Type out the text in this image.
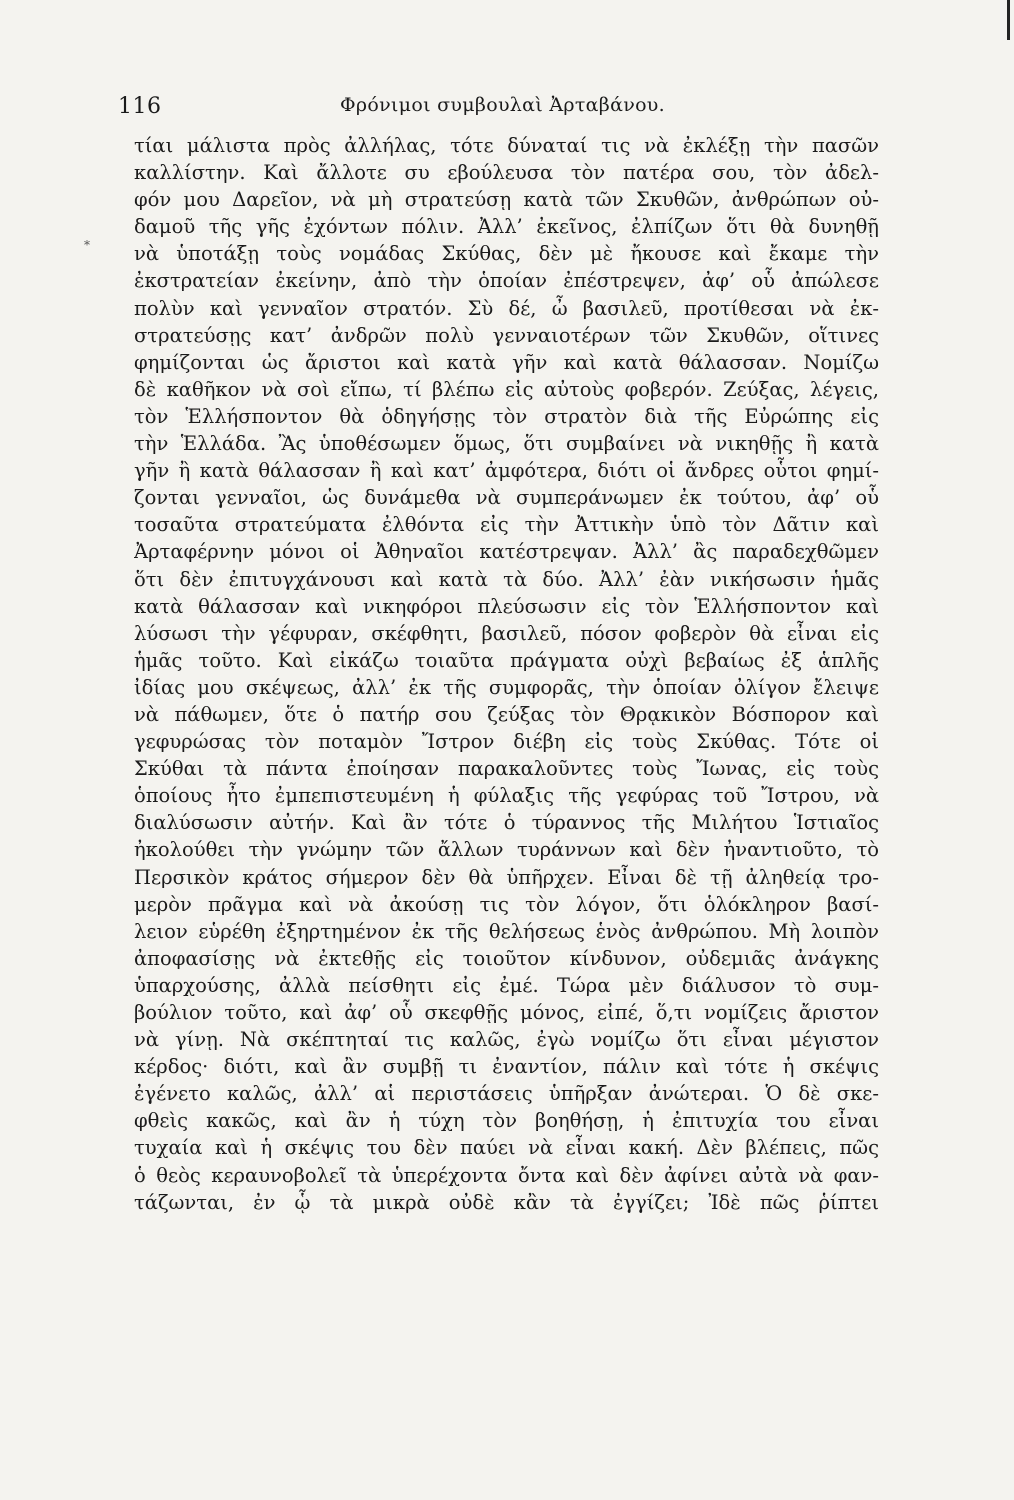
116	Φρόνιμοι συμβουλαὶ Ἀρταβάνου.
*
τίαι μάλιστα πρὸς ἀλλήλας, τότε δύναταί τις νὰ ἐκλέξῃ τὴν πασῶν
καλλίστην. Καὶ ἄλλοτε συ εβούλευσα τὸν πατέρα σου, τὸν ἀδελ-
φόν μου Δαρεῖον, νὰ μὴ στρατεύσῃ κατὰ τῶν Σκυθῶν, ἀνθρώπων οὐ-
δαμοῦ τῆς γῆς ἐχόντων πόλιν. Ἀλλ’ ἐκεῖνος, ἐλπίζων ὅτι θὰ δυνηθῇ
νὰ ὑποτάξῃ τοὺς νομάδας Σκύθας, δὲν μὲ ἤκουσε καὶ ἔκαμε τὴν
ἐκστρατείαν ἐκείνην, ἀπὸ τὴν ὁποίαν ἐπέστρεψεν, ἀφ’ οὗ ἀπώλεσε
πολὺν καὶ γενναῖον στρατόν. Σὺ δέ, ὦ βασιλεῦ, προτίθεσαι νὰ ἐκ-
στρατεύσῃς κατ’ ἀνδρῶν πολὺ γενναιοτέρων τῶν Σκυθῶν, οἵτινες
φημίζονται ὡς ἄριστοι καὶ κατὰ γῆν καὶ κατὰ θάλασσαν. Νομίζω
δὲ καθῆκον νὰ σοὶ εἴπω, τί βλέπω εἰς αὐτοὺς φοβερόν. Ζεύξας, λέγεις,
τὸν Ἑλλήσποντον θὰ ὁδηγήσῃς τὸν στρατὸν διὰ τῆς Εὐρώπης εἰς
τὴν Ἑλλάδα. Ἂς ὑποθέσωμεν ὅμως, ὅτι συμβαίνει νὰ νικηθῇς ἢ κατὰ
γῆν ἢ κατὰ θάλασσαν ἢ καὶ κατ’ ἀμφότερα, διότι οἱ ἄνδρες οὗτοι φημί-
ζονται γενναῖοι, ὡς δυνάμεθα νὰ συμπεράνωμεν ἐκ τούτου, ἀφ’ οὗ
τοσαῦτα στρατεύματα ἐλθόντα εἰς τὴν Ἀττικὴν ὑπὸ τὸν Δᾶτιν καὶ
Ἀρταφέρνην μόνοι οἱ Ἀθηναῖοι κατέστρεψαν. Ἀλλ’ ἂς παραδεχθῶμεν
ὅτι δὲν ἐπιτυγχάνουσι καὶ κατὰ τὰ δύο. Ἀλλ’ ἐὰν νικήσωσιν ἡμᾶς
κατὰ θάλασσαν καὶ νικηφόροι πλεύσωσιν εἰς τὸν Ἑλλήσποντον καὶ
λύσωσι τὴν γέφυραν, σκέφθητι, βασιλεῦ, πόσον φοβερὸν θὰ εἶναι εἰς
ἡμᾶς τοῦτο. Καὶ εἰκάζω τοιαῦτα πράγματα οὐχὶ βεβαίως ἐξ ἁπλῆς
ἰδίας μου σκέψεως, ἀλλ’ ἐκ τῆς συμφορᾶς, τὴν ὁποίαν ὀλίγον ἔλειψε
νὰ πάθωμεν, ὅτε ὁ πατήρ σου ζεύξας τὸν Θρᾳκικὸν Βόσπορον καὶ
γεφυρώσας τὸν ποταμὸν Ἴστρον διέβη εἰς τοὺς Σκύθας. Τότε οἱ
Σκύθαι τὰ πάντα ἐποίησαν παρακαλοῦντες τοὺς Ἴωνας, εἰς τοὺς
ὁποίους ἦτο ἐμπεπιστευμένη ἡ φύλαξις τῆς γεφύρας τοῦ Ἴστρου, νὰ
διαλύσωσιν αὐτήν. Καὶ ἂν τότε ὁ τύραννος τῆς Μιλήτου Ἱστιαῖος
ἠκολούθει τὴν γνώμην τῶν ἄλλων τυράννων καὶ δὲν ἠναντιοῦτο, τὸ
Περσικὸν κράτος σήμερον δὲν θὰ ὑπῆρχεν. Εἶναι δὲ τῇ ἀληθείᾳ τρο-
μερὸν πρᾶγμα καὶ νὰ ἀκούσῃ τις τὸν λόγον, ὅτι ὁλόκληρον βασί-
λειον εὑρέθη ἐξηρτημένον ἐκ τῆς θελήσεως ἑνὸς ἀνθρώπου. Μὴ λοιπὸν
ἀποφασίσῃς νὰ ἐκτεθῇς εἰς τοιοῦτον κίνδυνον, οὐδεμιᾶς ἀνάγκης
ὑπαρχούσης, ἀλλὰ πείσθητι εἰς ἐμέ. Τώρα μὲν διάλυσον τὸ συμ-
βούλιον τοῦτο, καὶ ἀφ’ οὗ σκεφθῇς μόνος, εἰπέ, ὅ,τι νομίζεις ἄριστον
νὰ γίνῃ. Νὰ σκέπτηταί τις καλῶς, ἐγὼ νομίζω ὅτι εἶναι μέγιστον
κέρδος· διότι, καὶ ἂν συμβῇ τι ἐναντίον, πάλιν καὶ τότε ἡ σκέψις
ἐγένετο καλῶς, ἀλλ’ αἱ περιστάσεις ὑπῆρξαν ἀνώτεραι. Ὁ δὲ σκε-
φθεὶς κακῶς, καὶ ἂν ἡ τύχη τὸν βοηθήσῃ, ἡ ἐπιτυχία του εἶναι
τυχαία καὶ ἡ σκέψις του δὲν παύει νὰ εἶναι κακή. Δὲν βλέπεις, πῶς
ὁ θεὸς κεραυνοβολεῖ τὰ ὑπερέχοντα ὄντα καὶ δὲν ἀφίνει αὐτὰ νὰ φαν-
τάζωνται, ἐν ᾧ τὰ μικρὰ οὐδὲ κἂν τὰ ἐγγίζει; Ἰδὲ πῶς ῥίπτει
